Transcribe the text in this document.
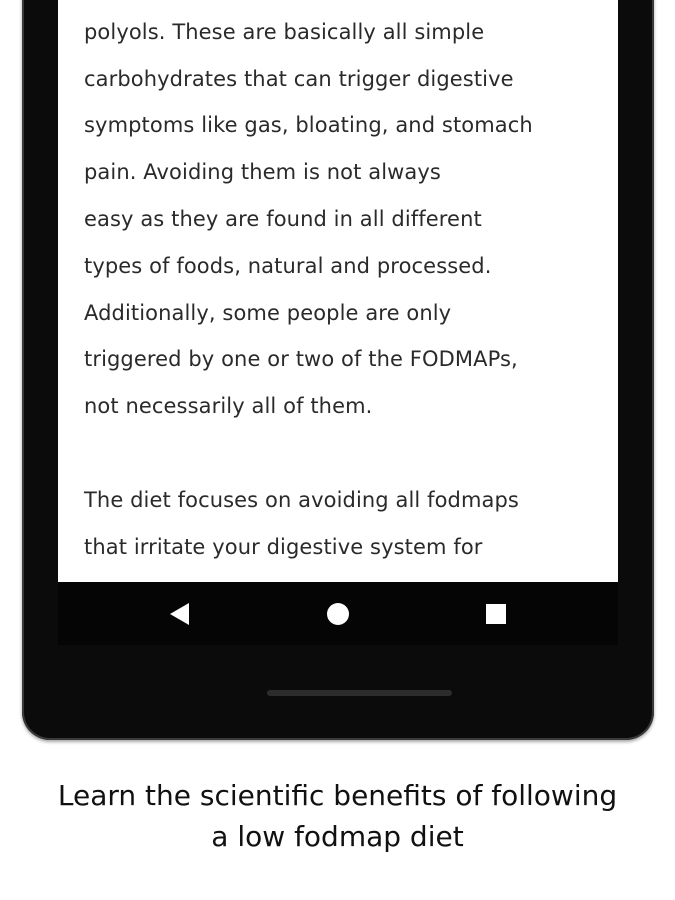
polyols. These are basically all simple
carbohydrates that can trigger digestive
symptoms like gas, bloating, and stomach
pain. Avoiding them is not always
easy as they are found in all different
types of foods, natural and processed.
Additionally, some people are only
triggered by one or two of the FODMAPs,
not necessarily all of them.

The diet focuses on avoiding all fodmaps
that irritate your digestive system for

Learn the scientific benefits of following
a low fodmap diet
